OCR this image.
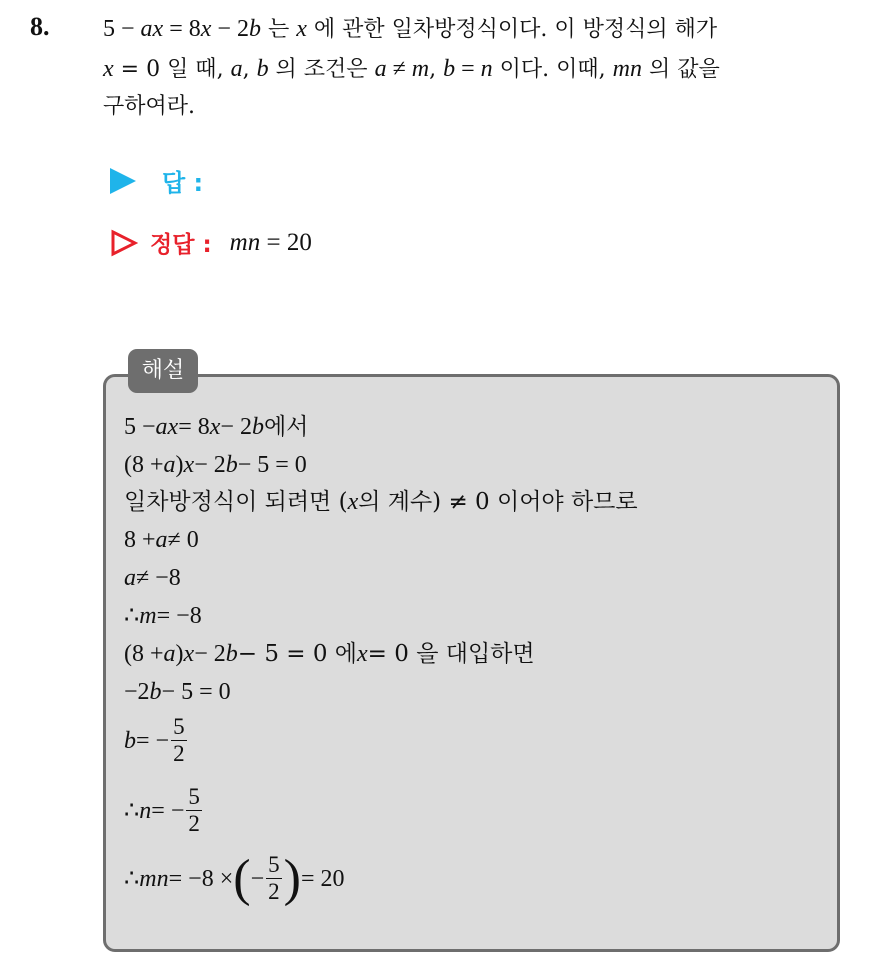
8. 5 − ax = 8x − 2b 는 x 에 관한 일차방정식이다. 이 방정식의 해가
x = 0 일 때, a, b 의 조건은 a ≠ m, b = n 이다. 이때, mn 의 값을
구하여라.
답 :
정답 : mn = 20
해설
5 − ax = 8 x − 2 b 에서
(8 + a ) x − 2 b − 5 = 0
일차방정식이 되려면 ( x 의 계수) ≠ 0 이어야 하므로
8 + a ≠ 0
a ≠ −8
∴ m = −8
(8 + a ) x − 2 b − 5 = 0 에 x = 0 을 대입하면
−2 b − 5 = 0
b = − $\frac{5}{2}$
∴ n = − $\frac{5}{2}$
∴ mn = −8 × ( − $\frac{5}{2}$ ) = 20
